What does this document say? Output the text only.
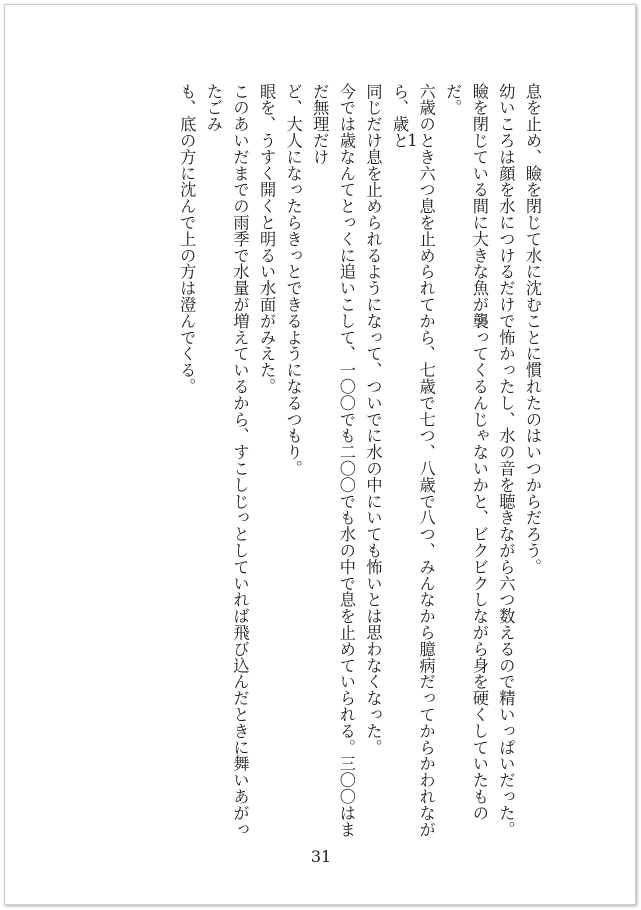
1	息を止め、瞼を閉じて水に沈むことに慣れたのはいつからだろう。

幼いころは顔を水につけるだけで怖かったし、水の音を聴きながら六つ数えるので精いっぱいだった。

瞼を閉じている間に大きな魚が襲ってくるんじゃないかと、ビクビクしながら身を硬くしていたものだ。

六歳のとき六つ息を止められてから、七歳で七つ、八歳で八つ、みんなから臆病だってからかわれながら、歳と

同じだけ息を止められるようになって、ついでに水の中にいても怖いとは思わなくなった。

今では歳なんてとっくに追いこして、一〇〇でも二〇〇でも水の中で息を止めていられる。三〇〇はまだ無理だけ

ど、大人になったらきっとできるようになるつもり。

眼を、うすく開くと明るい水面がみえた。

このあいだまでの雨季で水量が増えているから、すこしじっとしていれば飛び込んだときに舞いあがったごみ

も、底の方に沈んで上の方は澄んでくる。

31
